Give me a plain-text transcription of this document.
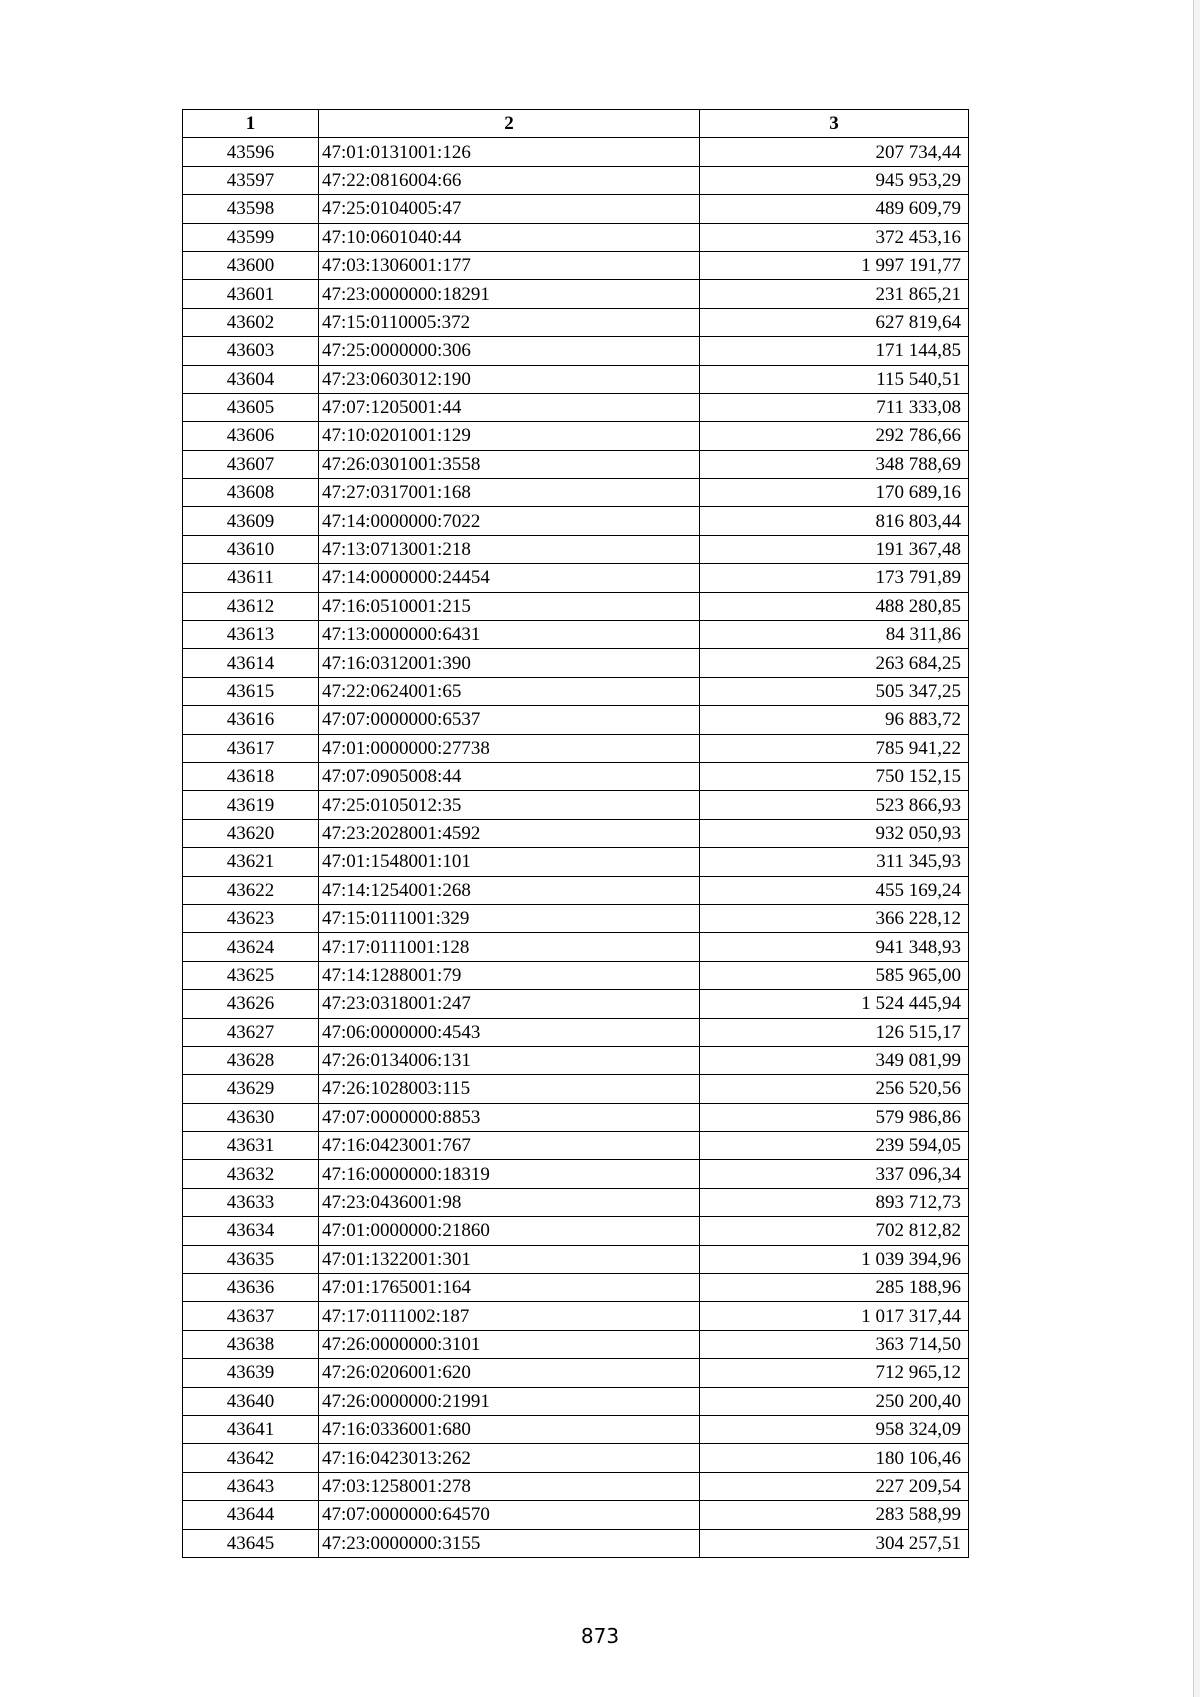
1	2	3
43596	47:01:0131001:126	207 734,44
43597	47:22:0816004:66	945 953,29
43598	47:25:0104005:47	489 609,79
43599	47:10:0601040:44	372 453,16
43600	47:03:1306001:177	1 997 191,77
43601	47:23:0000000:18291	231 865,21
43602	47:15:0110005:372	627 819,64
43603	47:25:0000000:306	171 144,85
43604	47:23:0603012:190	115 540,51
43605	47:07:1205001:44	711 333,08
43606	47:10:0201001:129	292 786,66
43607	47:26:0301001:3558	348 788,69
43608	47:27:0317001:168	170 689,16
43609	47:14:0000000:7022	816 803,44
43610	47:13:0713001:218	191 367,48
43611	47:14:0000000:24454	173 791,89
43612	47:16:0510001:215	488 280,85
43613	47:13:0000000:6431	84 311,86
43614	47:16:0312001:390	263 684,25
43615	47:22:0624001:65	505 347,25
43616	47:07:0000000:6537	96 883,72
43617	47:01:0000000:27738	785 941,22
43618	47:07:0905008:44	750 152,15
43619	47:25:0105012:35	523 866,93
43620	47:23:2028001:4592	932 050,93
43621	47:01:1548001:101	311 345,93
43622	47:14:1254001:268	455 169,24
43623	47:15:0111001:329	366 228,12
43624	47:17:0111001:128	941 348,93
43625	47:14:1288001:79	585 965,00
43626	47:23:0318001:247	1 524 445,94
43627	47:06:0000000:4543	126 515,17
43628	47:26:0134006:131	349 081,99
43629	47:26:1028003:115	256 520,56
43630	47:07:0000000:8853	579 986,86
43631	47:16:0423001:767	239 594,05
43632	47:16:0000000:18319	337 096,34
43633	47:23:0436001:98	893 712,73
43634	47:01:0000000:21860	702 812,82
43635	47:01:1322001:301	1 039 394,96
43636	47:01:1765001:164	285 188,96
43637	47:17:0111002:187	1 017 317,44
43638	47:26:0000000:3101	363 714,50
43639	47:26:0206001:620	712 965,12
43640	47:26:0000000:21991	250 200,40
43641	47:16:0336001:680	958 324,09
43642	47:16:0423013:262	180 106,46
43643	47:03:1258001:278	227 209,54
43644	47:07:0000000:64570	283 588,99
43645	47:23:0000000:3155	304 257,51
873
